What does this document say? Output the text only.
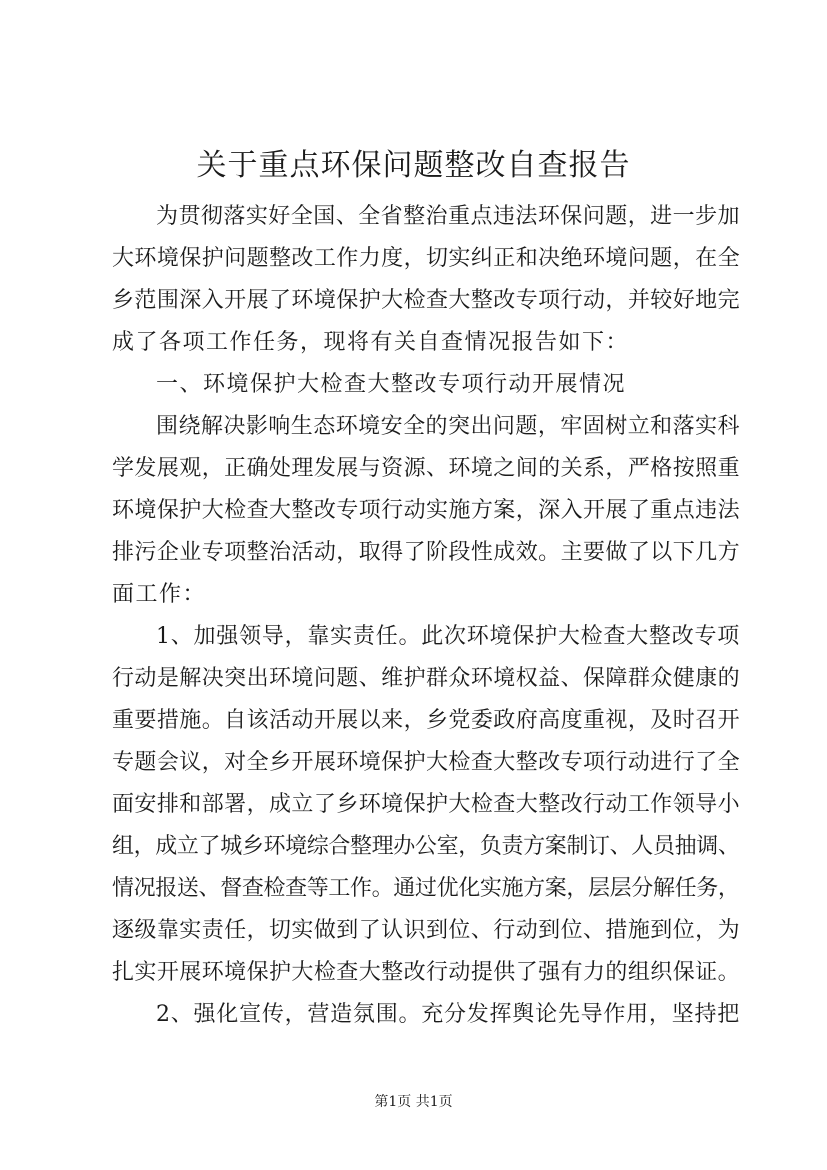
关于重点环保问题整改自查报告
为贯彻落实好全国、全省整治重点违法环保问题，进一步加
大环境保护问题整改工作力度，切实纠正和决绝环境问题，在全
乡范围深入开展了环境保护大检查大整改专项行动，并较好地完
成了各项工作任务，现将有关自查情况报告如下：
一、环境保护大检查大整改专项行动开展情况
围绕解决影响生态环境安全的突出问题，牢固树立和落实科
学发展观，正确处理发展与资源、环境之间的关系，严格按照重
环境保护大检查大整改专项行动实施方案，深入开展了重点违法
排污企业专项整治活动，取得了阶段性成效。主要做了以下几方
面工作：
1、加强领导，靠实责任。此次环境保护大检查大整改专项
行动是解决突出环境问题、维护群众环境权益、保障群众健康的
重要措施。自该活动开展以来，乡党委政府高度重视，及时召开
专题会议，对全乡开展环境保护大检查大整改专项行动进行了全
面安排和部署，成立了乡环境保护大检查大整改行动工作领导小
组，成立了城乡环境综合整理办公室，负责方案制订、人员抽调、
情况报送、督查检查等工作。通过优化实施方案，层层分解任务，
逐级靠实责任，切实做到了认识到位、行动到位、措施到位，为
扎实开展环境保护大检查大整改行动提供了强有力的组织保证。
2、强化宣传，营造氛围。充分发挥舆论先导作用，坚持把
第1页 共1页
